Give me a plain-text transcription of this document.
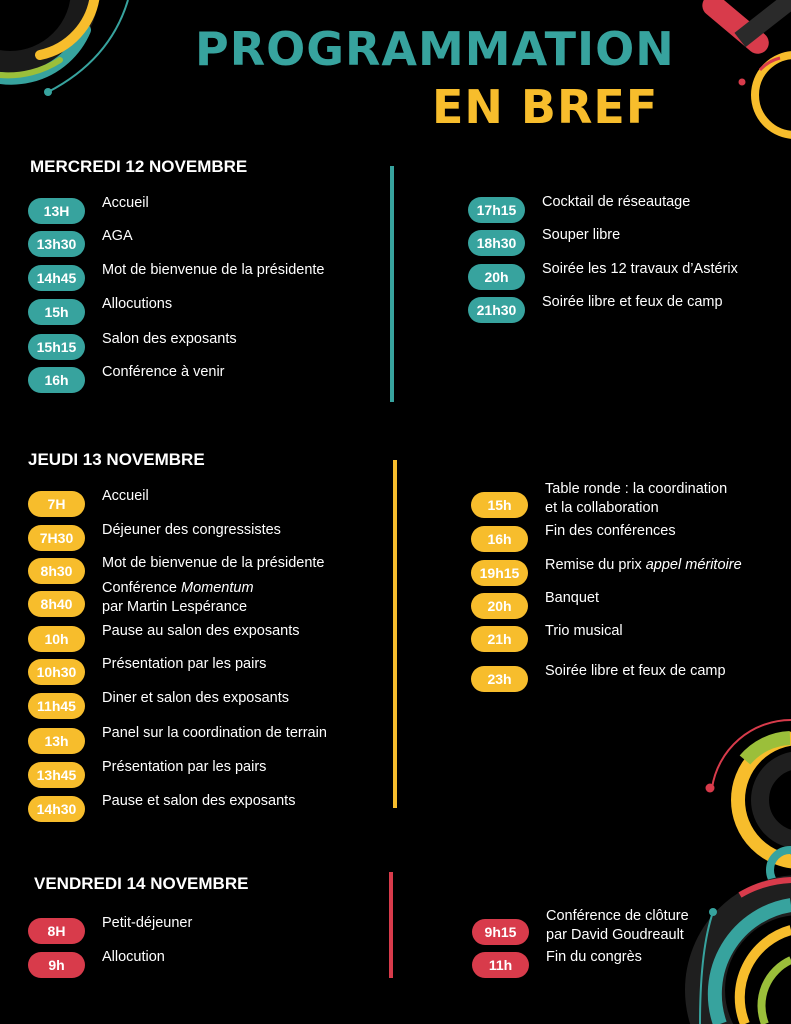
PROGRAMMATION
EN BREF
MERCREDI 12 NOVEMBRE
13H	Accueil
13h30	AGA
14h45	Mot de bienvenue de la présidente
15h	Allocutions
15h15	Salon des exposants
16h	Conférence à venir
17h15	Cocktail de réseautage
18h30	Souper libre
20h	Soirée les 12 travaux d’Astérix
21h30	Soirée libre et feux de camp
JEUDI 13 NOVEMBRE
7H	Accueil
7H30	Déjeuner des congressistes
8h30	Mot de bienvenue de la présidente
8h40
Conférence Momentum
par Martin Lespérance
10h	Pause au salon des exposants
10h30	Présentation par les pairs
11h45	Diner et salon des exposants
13h	Panel sur la coordination de terrain
13h45	Présentation par les pairs
14h30	Pause et salon des exposants
15h
Table ronde : la coordination
et la collaboration
16h	Fin des conférences
19h15	Remise du prix appel méritoire
20h	Banquet
21h	Trio musical
23h	Soirée libre et feux de camp
VENDREDI 14 NOVEMBRE
8H	Petit-déjeuner
9h	Allocution
9h15
Conférence de clôture
par David Goudreault
11h	Fin du congrès
